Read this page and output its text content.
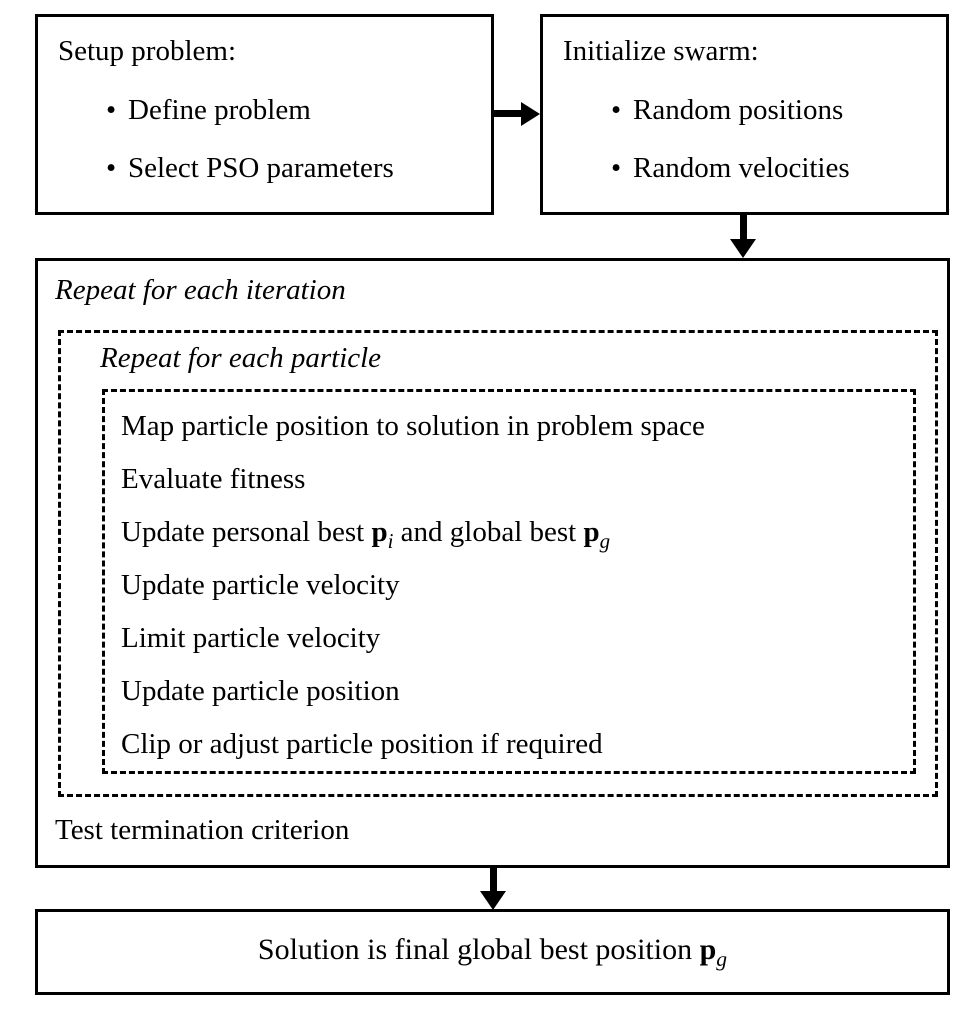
Setup problem:
• Define problem
• Select PSO parameters
Initialize swarm:
• Random positions
• Random velocities
Repeat for each iteration
Repeat for each particle
Map particle position to solution in problem space
Evaluate fitness
Update personal best $p_i$ and global best $p_g$
Update particle velocity
Limit particle velocity
Update particle position
Clip or adjust particle position if required
Test termination criterion
Solution is final global best position $p_g$
